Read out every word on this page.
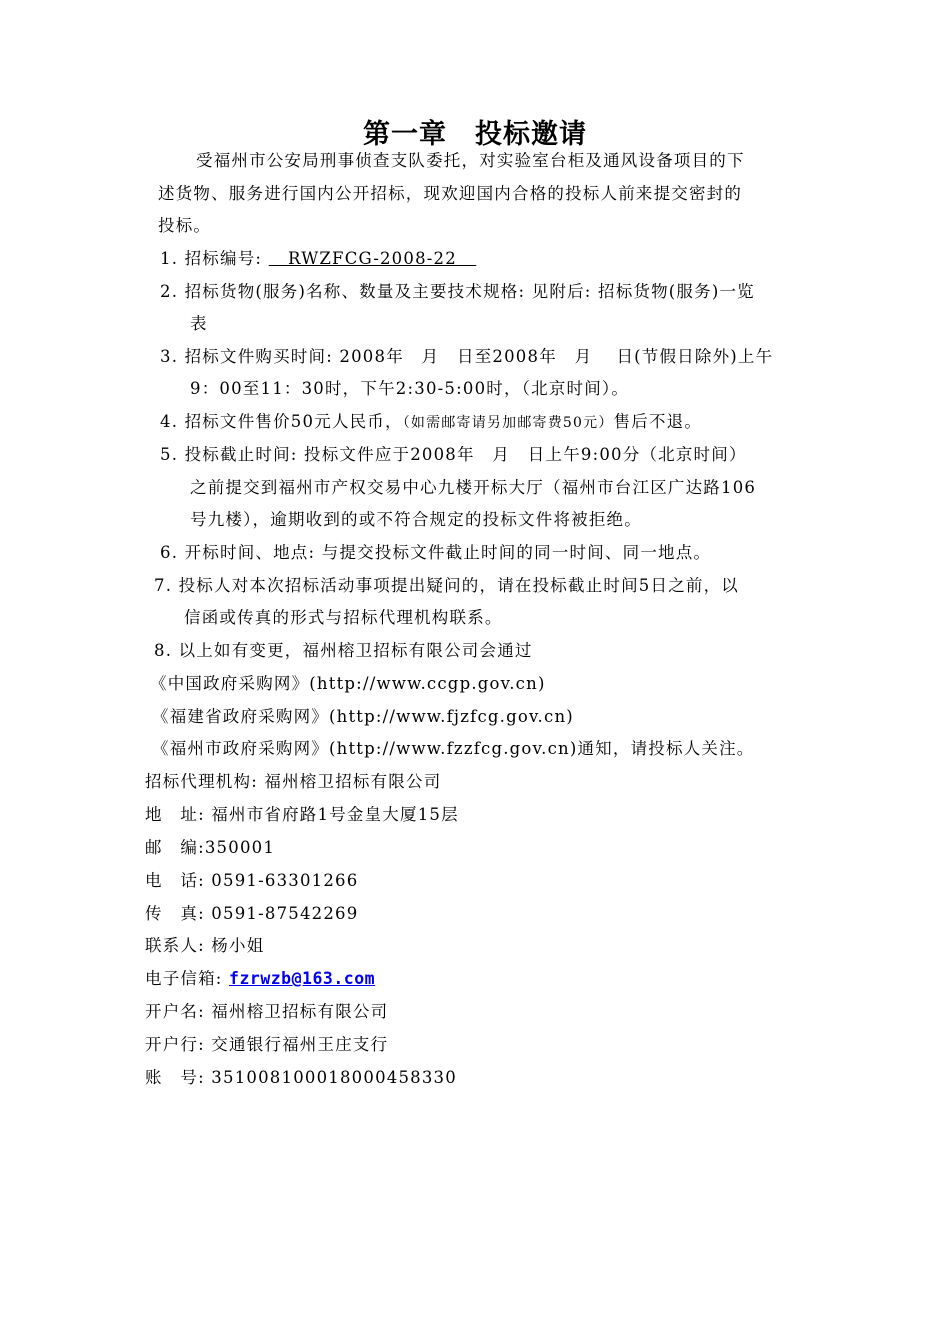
第一章　投标邀请
受福州市公安局刑事侦查支队委托，对实验室台柜及通风设备项目的下
述货物、服务进行国内公开招标，现欢迎国内合格的投标人前来提交密封的
投标。
1. 招标编号:    RWZFCG-2008-22
2. 招标货物(服务)名称、数量及主要技术规格: 见附后: 招标货物(服务)一览
表
3. 招标文件购买时间: 2008年　月　日至2008年　月　 日(节假日除外)上午
9：00至11：30时，下午2:30-5:00时，（北京时间）。
4. 招标文件售价50元人民币，（如需邮寄请另加邮寄费50元）售后不退。
5. 投标截止时间: 投标文件应于2008年　月　日上午9:00分（北京时间）
之前提交到福州市产权交易中心九楼开标大厅（福州市台江区广达路106
号九楼），逾期收到的或不符合规定的投标文件将被拒绝。
6. 开标时间、地点: 与提交投标文件截止时间的同一时间、同一地点。
7. 投标人对本次招标活动事项提出疑问的，请在投标截止时间5日之前，以
信函或传真的形式与招标代理机构联系。
8. 以上如有变更，福州榕卫招标有限公司会通过
《中国政府采购网》(http://www.ccgp.gov.cn)
《福建省政府采购网》(http://www.fjzfcg.gov.cn)
《福州市政府采购网》(http://www.fzzfcg.gov.cn)通知，请投标人关注。
招标代理机构: 福州榕卫招标有限公司
地　址: 福州市省府路1号金皇大厦15层
邮　编:350001
电　话: 0591-63301266
传　真: 0591-87542269
联系人: 杨小姐
电子信箱: fzrwzb@163.com
开户名: 福州榕卫招标有限公司
开户行: 交通银行福州王庄支行
账　号: 35100810001800045833​0
